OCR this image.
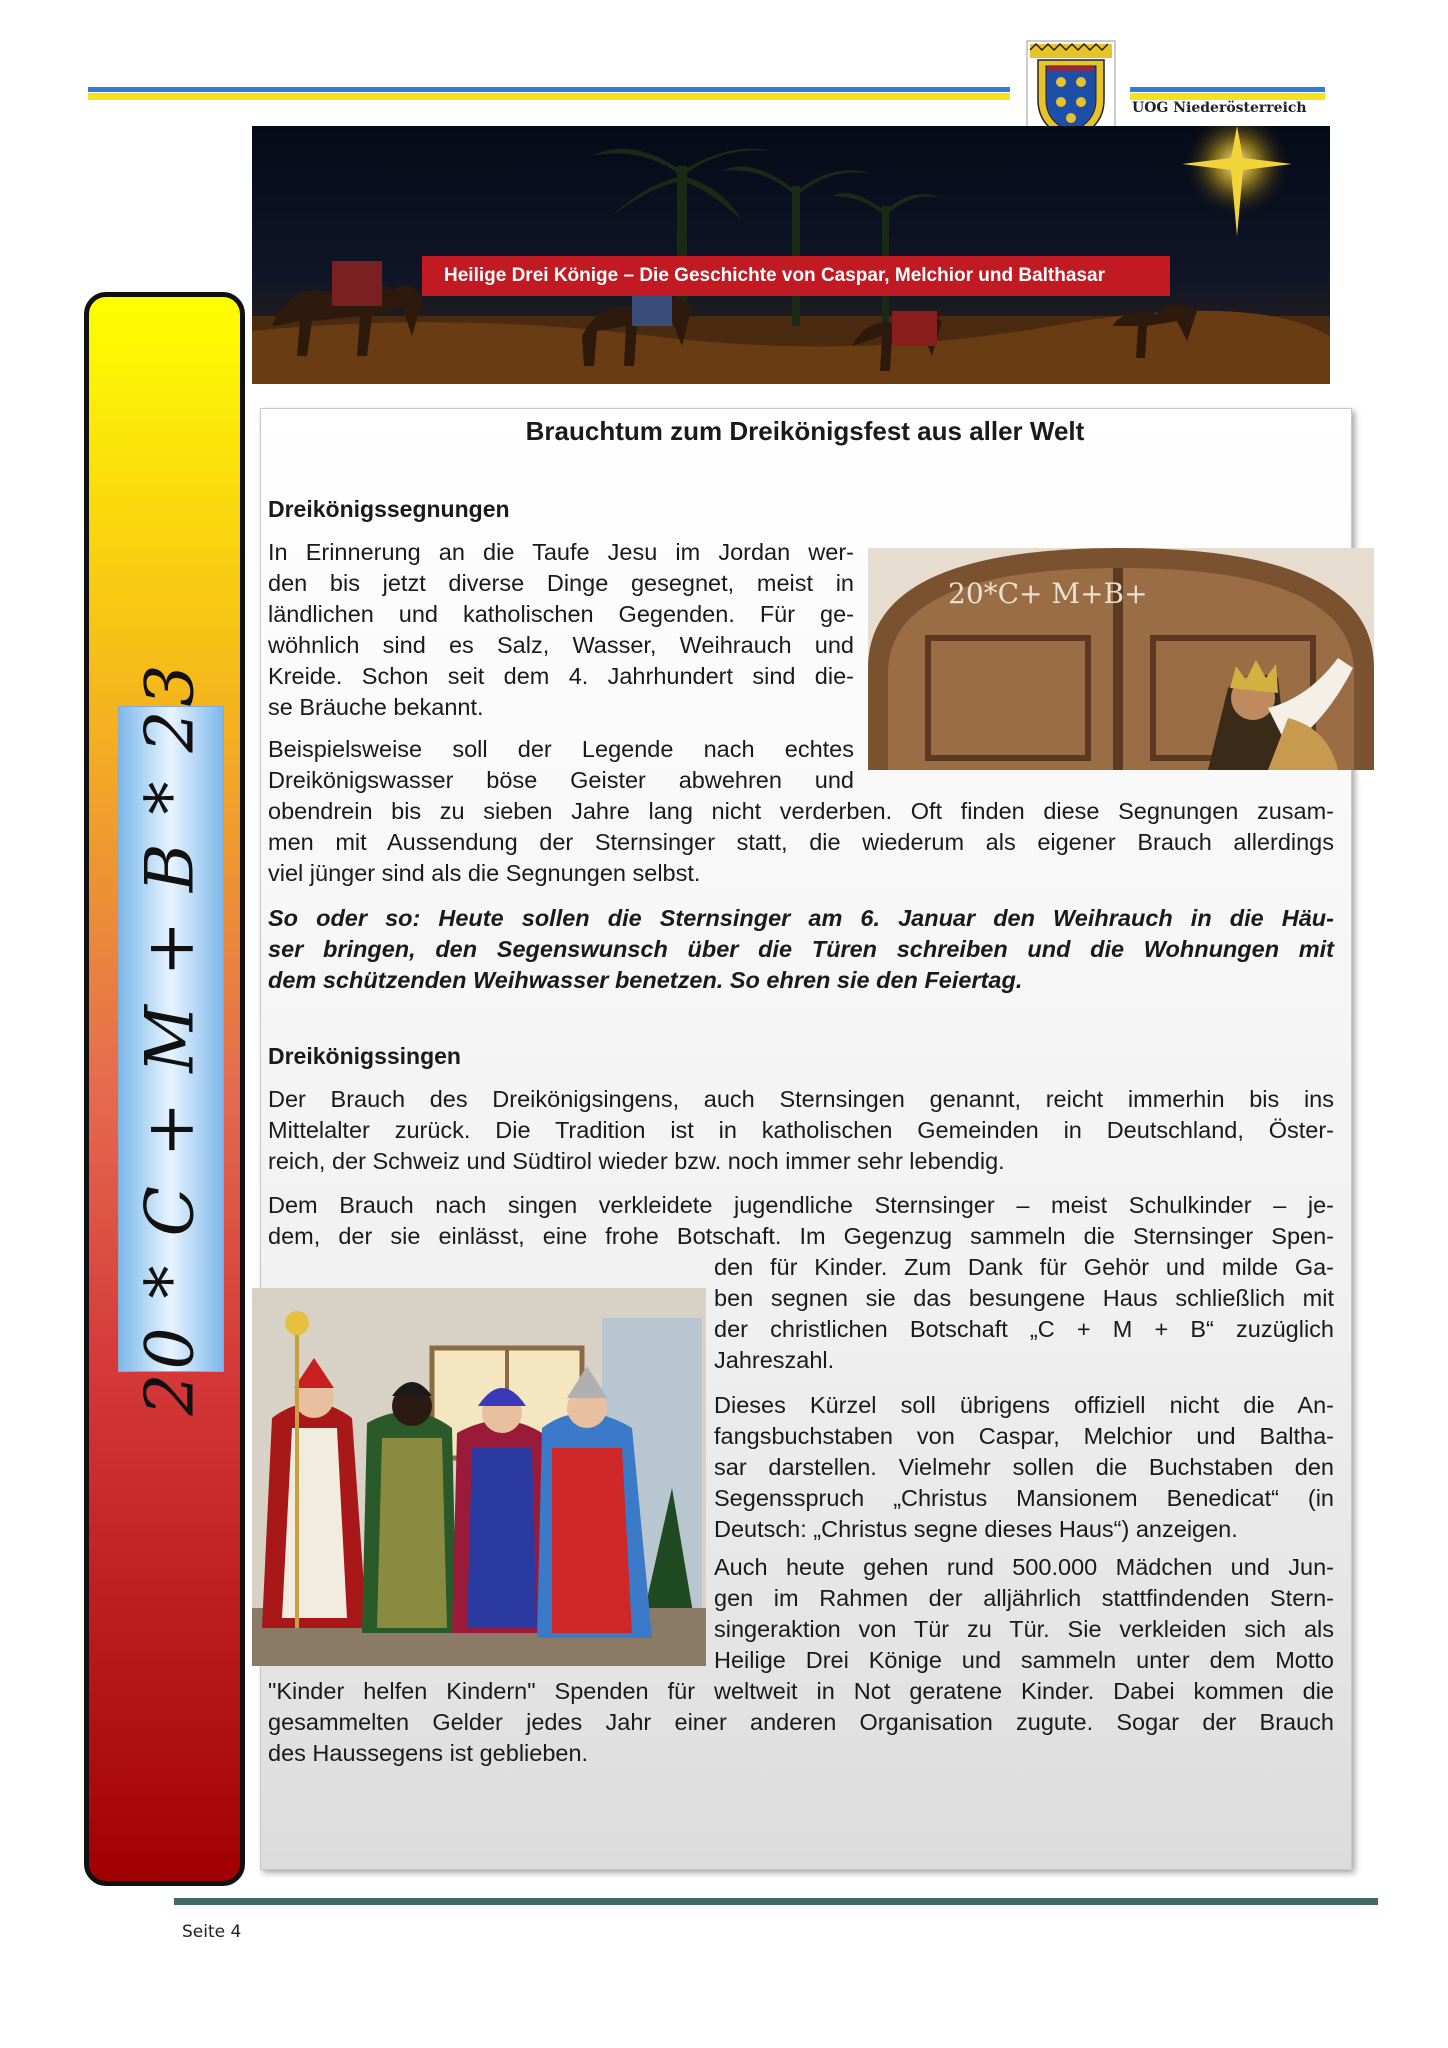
UOG Niederösterreich
Heilige Drei Könige – Die Geschichte von Caspar, Melchior und Balthasar
20 * C + M + B * 23
Brauchtum zum Dreikönigsfest aus aller Welt
Dreikönigssegnungen
In Erinnerung an die Taufe Jesu im Jordan wer-
den bis jetzt diverse Dinge gesegnet, meist in
ländlichen und katholischen Gegenden. Für ge-
wöhnlich sind es Salz, Wasser, Weihrauch und
Kreide. Schon seit dem 4. Jahrhundert sind die-
se Bräuche bekannt.
20*C+ M+B+
Beispielsweise soll der Legende nach echtes
Dreikönigswasser böse Geister abwehren und
obendrein bis zu sieben Jahre lang nicht verderben. Oft finden diese Segnungen zusam-
men mit Aussendung der Sternsinger statt, die wiederum als eigener Brauch allerdings
viel jünger sind als die Segnungen selbst.
So oder so: Heute sollen die Sternsinger am 6. Januar den Weihrauch in die Häu-
ser bringen, den Segenswunsch über die Türen schreiben und die Wohnungen mit
dem schützenden Weihwasser benetzen. So ehren sie den Feiertag.
Dreikönigssingen
Der Brauch des Dreikönigsingens, auch Sternsingen genannt, reicht immerhin bis ins
Mittelalter zurück. Die Tradition ist in katholischen Gemeinden in Deutschland, Öster-
reich, der Schweiz und Südtirol wieder bzw. noch immer sehr lebendig.
Dem Brauch nach singen verkleidete jugendliche Sternsinger – meist Schulkinder – je-
dem, der sie einlässt, eine frohe Botschaft. Im Gegenzug sammeln die Sternsinger Spen-
den für Kinder. Zum Dank für Gehör und milde Ga-
ben segnen sie das besungene Haus schließlich mit
der christlichen Botschaft „C + M + B“ zuzüglich
Jahreszahl.
Dieses Kürzel soll übrigens offiziell nicht die An-
fangsbuchstaben von Caspar, Melchior und Baltha-
sar darstellen. Vielmehr sollen die Buchstaben den
Segensspruch „Christus Mansionem Benedicat“ (in
Deutsch: „Christus segne dieses Haus“) anzeigen.
Auch heute gehen rund 500.000 Mädchen und Jun-
gen im Rahmen der alljährlich stattfindenden Stern-
singeraktion von Tür zu Tür. Sie verkleiden sich als
Heilige Drei Könige und sammeln unter dem Motto
"Kinder helfen Kindern" Spenden für weltweit in Not geratene Kinder. Dabei kommen die
gesammelten Gelder jedes Jahr einer anderen Organisation zugute. Sogar der Brauch
des Haussegens ist geblieben.
Seite 4
